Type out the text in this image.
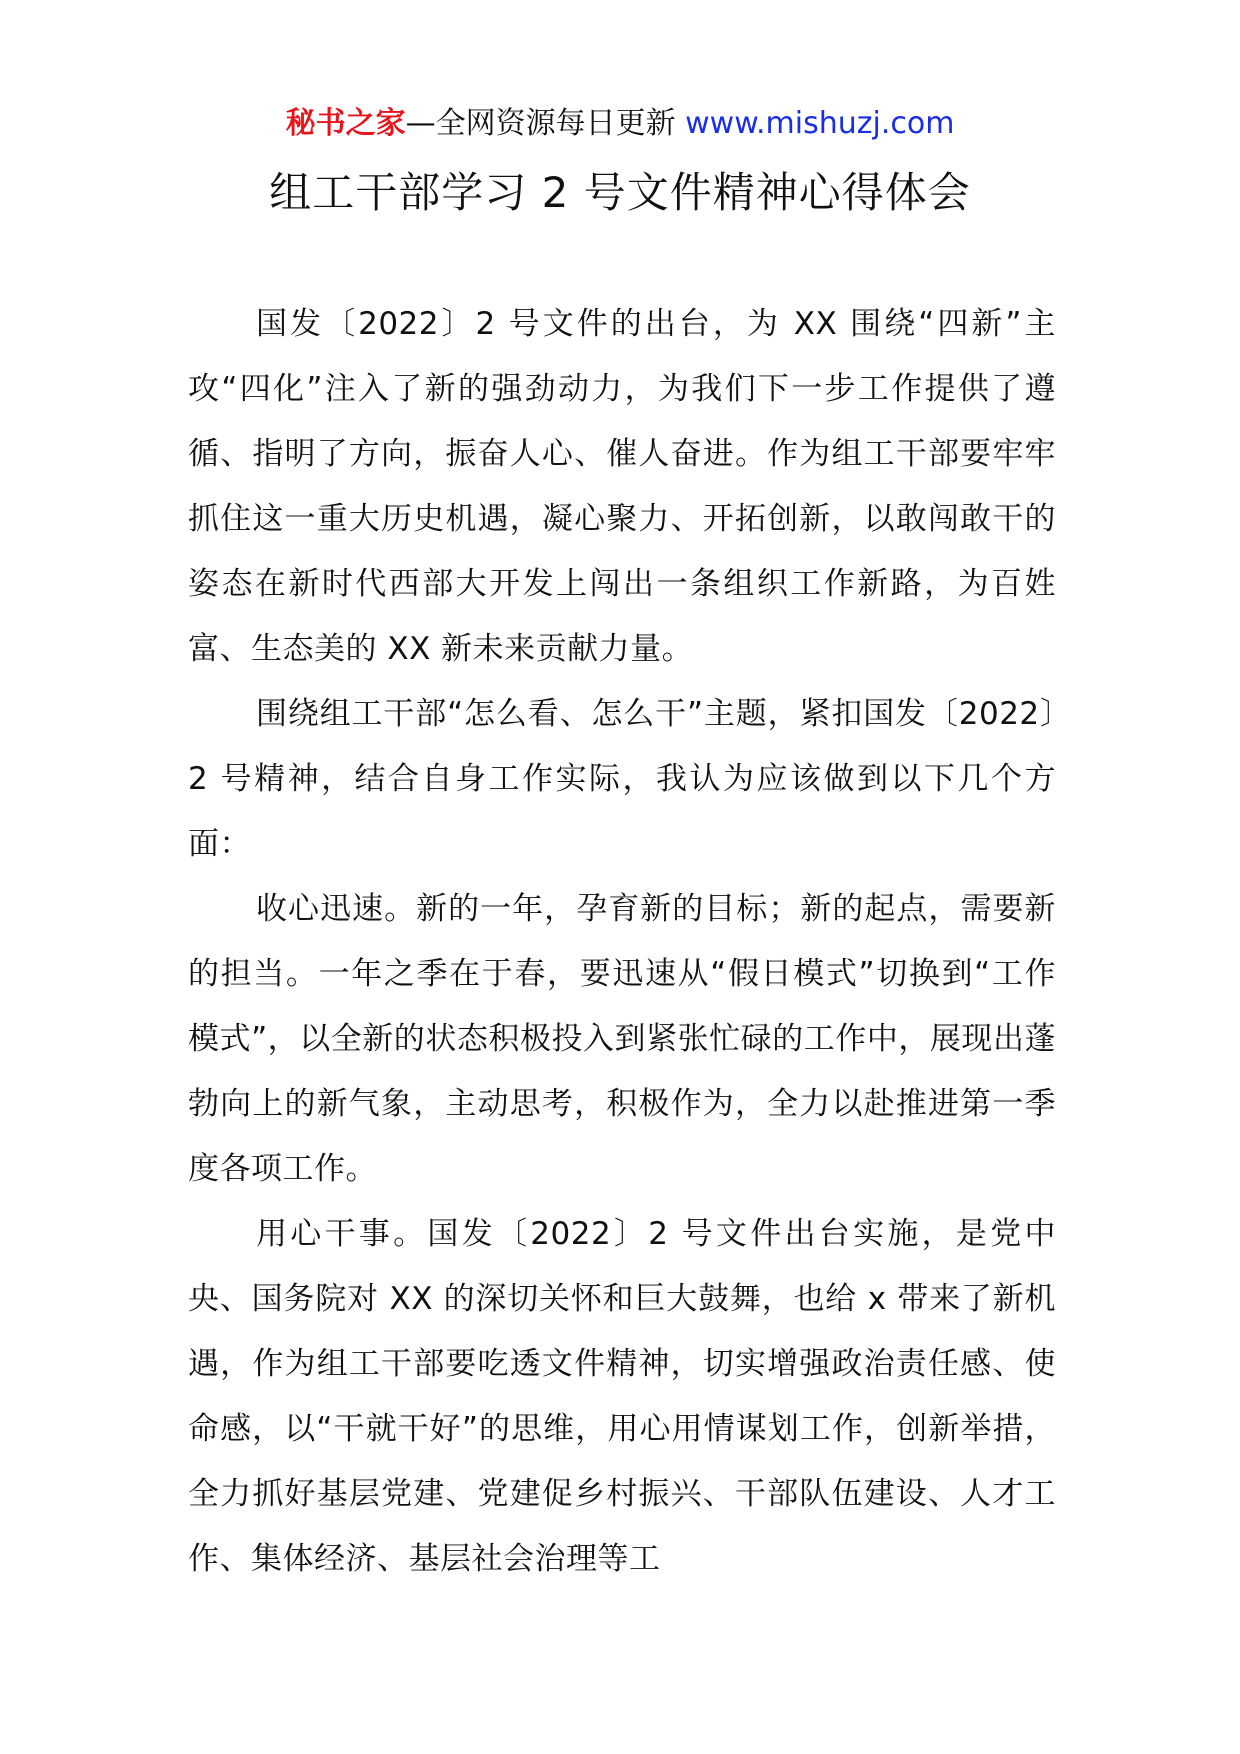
秘书之家—全网资源每日更新 www.mishuzj.com
组工干部学习 2 号文件精神心得体会

国发〔2022〕2 号文件的出台，为 XX 围绕“四新”主攻“四化”注入了新的强劲动力，为我们下一步工作提供了遵循、指明了方向，振奋人心、催人奋进。作为组工干部要牢牢抓住这一重大历史机遇，凝心聚力、开拓创新，以敢闯敢干的姿态在新时代西部大开发上闯出一条组织工作新路，为百姓富、生态美的 XX 新未来贡献力量。

围绕组工干部“怎么看、怎么干”主题，紧扣国发〔2022〕2 号精神，结合自身工作实际，我认为应该做到以下几个方面：

收心迅速。新的一年，孕育新的目标；新的起点，需要新的担当。一年之季在于春，要迅速从“假日模式”切换到“工作模式”，以全新的状态积极投入到紧张忙碌的工作中，展现出蓬勃向上的新气象，主动思考，积极作为，全力以赴推进第一季度各项工作。

用心干事。国发〔2022〕2 号文件出台实施，是党中央、国务院对 XX 的深切关怀和巨大鼓舞，也给 x 带来了新机遇，作为组工干部要吃透文件精神，切实增强政治责任感、使命感，以“干就干好”的思维，用心用情谋划工作，创新举措，全力抓好基层党建、党建促乡村振兴、干部队伍建设、人才工作、集体经济、基层社会治理等工
